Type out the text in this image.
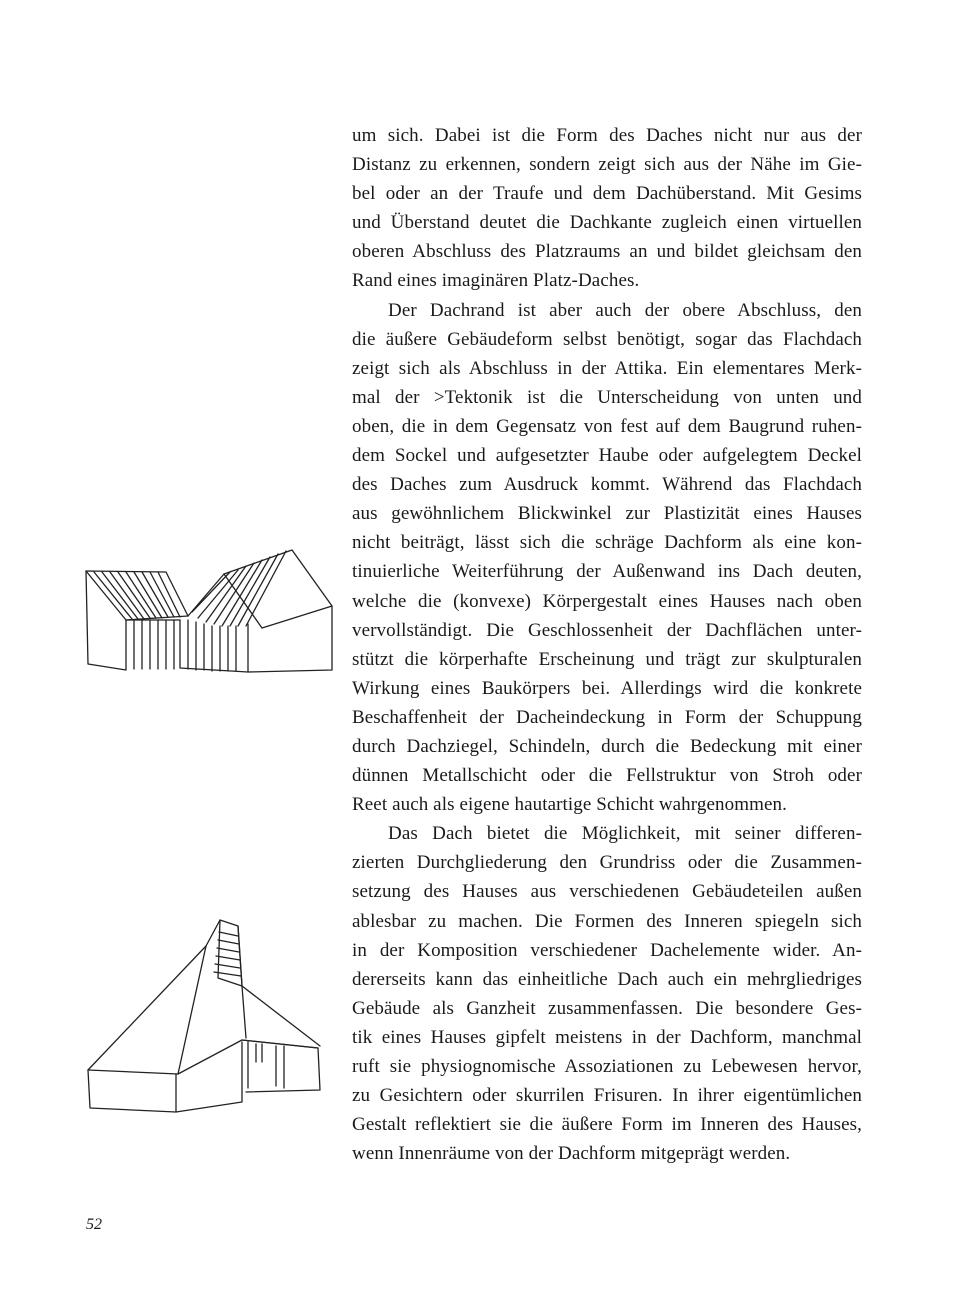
um sich. Dabei ist die Form des Daches nicht nur aus der
Distanz zu erkennen, sondern zeigt sich aus der Nähe im Gie-
bel oder an der Traufe und dem Dachüberstand. Mit Gesims
und Überstand deutet die Dachkante zugleich einen virtuellen
oberen Abschluss des Platzraums an und bildet gleichsam den
Rand eines imaginären Platz-Daches.
Der Dachrand ist aber auch der obere Abschluss, den
die äußere Gebäudeform selbst benötigt, sogar das Flachdach
zeigt sich als Abschluss in der Attika. Ein elementares Merk-
mal der >Tektonik ist die Unterscheidung von unten und
oben, die in dem Gegensatz von fest auf dem Baugrund ruhen-
dem Sockel und aufgesetzter Haube oder aufgelegtem Deckel
des Daches zum Ausdruck kommt. Während das Flachdach
aus gewöhnlichem Blickwinkel zur Plastizität eines Hauses
nicht beiträgt, lässt sich die schräge Dachform als eine kon-
tinuierliche Weiterführung der Außenwand ins Dach deuten,
welche die (konvexe) Körpergestalt eines Hauses nach oben
vervollständigt. Die Geschlossenheit der Dachflächen unter-
stützt die körperhafte Erscheinung und trägt zur skulpturalen
Wirkung eines Baukörpers bei. Allerdings wird die konkrete
Beschaffenheit der Dacheindeckung in Form der Schuppung
durch Dachziegel, Schindeln, durch die Bedeckung mit einer
dünnen Metallschicht oder die Fellstruktur von Stroh oder
Reet auch als eigene hautartige Schicht wahrgenommen.
Das Dach bietet die Möglichkeit, mit seiner differen-
zierten Durchgliederung den Grundriss oder die Zusammen-
setzung des Hauses aus verschiedenen Gebäudeteilen außen
ablesbar zu machen. Die Formen des Inneren spiegeln sich
in der Komposition verschiedener Dachelemente wider. An-
dererseits kann das einheitliche Dach auch ein mehrgliedriges
Gebäude als Ganzheit zusammenfassen. Die besondere Ges-
tik eines Hauses gipfelt meistens in der Dachform, manchmal
ruft sie physiognomische Assoziationen zu Lebewesen hervor,
zu Gesichtern oder skurrilen Frisuren. In ihrer eigentümlichen
Gestalt reflektiert sie die äußere Form im Inneren des Hauses,
wenn Innenräume von der Dachform mitgeprägt werden.
52
